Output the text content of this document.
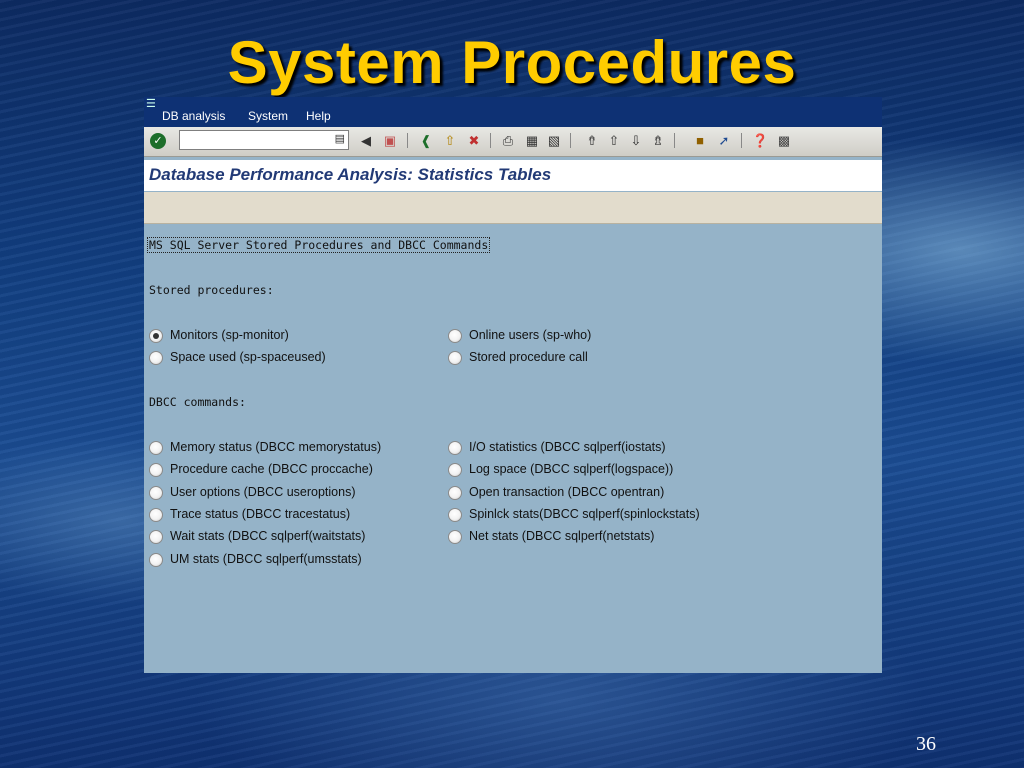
System Procedures
☰
DB analysis System Help
✓	▤ ◀ ▣ ❰ ⇧ ✖ ⎙ ▦ ▧ ⇮ ⇧ ⇩ ⇯	■	➚ ❓ ▩
Database Performance Analysis: Statistics Tables
MS SQL Server Stored Procedures and DBCC Commands
Stored procedures:
Monitors (sp-monitor)	Online users (sp-who)
Space used (sp-spaceused)	Stored procedure call
DBCC commands:
Memory status (DBCC memorystatus)	I/O statistics (DBCC sqlperf(iostats)
Procedure cache (DBCC proccache)	Log space (DBCC sqlperf(logspace))
User options (DBCC useroptions)	Open transaction (DBCC opentran)
Trace status (DBCC tracestatus)	Spinlck stats(DBCC sqlperf(spinlockstats)
Wait stats (DBCC sqlperf(waitstats)	Net stats (DBCC sqlperf(netstats)
UM stats (DBCC sqlperf(umsstats)
36
